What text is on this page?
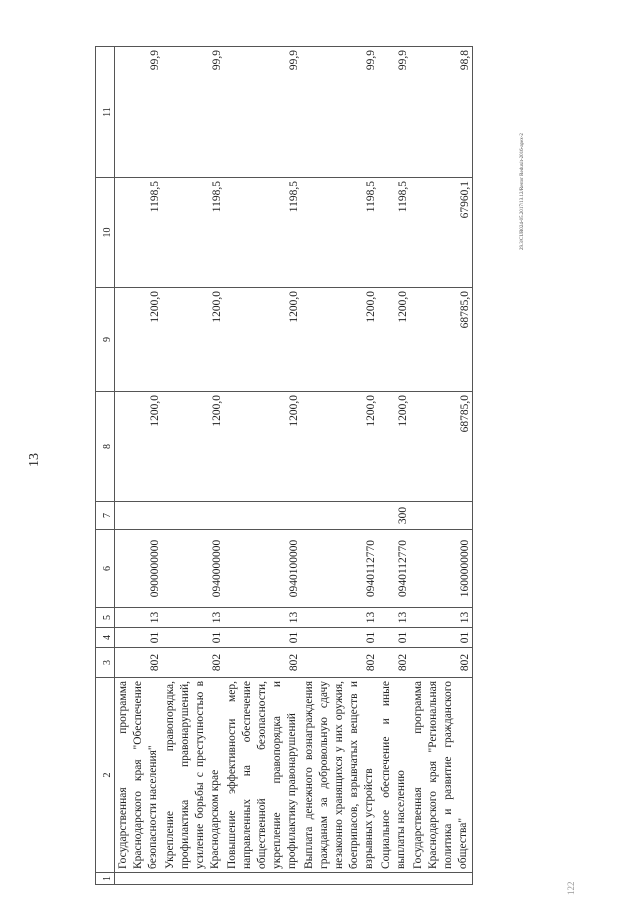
13
29.3/CUR024-05.2017/13.12/Restor Reduxit-2016-apex-2
122
1	2	3	4	5	6	7	8	9	10	11
	Государственная программа Краснодарского края "Обеспечение безопасности населения"	802	01	13	0900000000		1200,0	1200,0	1198,5	99,9
	Укрепление правопорядка, профилактика правонарушений, усиление борьбы с преступностью в Краснодарском крае	802	01	13	0940000000		1200,0	1200,0	1198,5	99,9
	Повышение эффективности мер, направленных на обеспечение общественной безопасности, укрепление правопорядка и профилактику правонарушений	802	01	13	0940100000		1200,0	1200,0	1198,5	99,9
	Выплата денежного вознаграждения гражданам за добровольную сдачу незаконно хранящихся у них оружия, боеприпасов, взрывчатых веществ и взрывных устройств	802	01	13	0940112770		1200,0	1200,0	1198,5	99,9
	Социальное обеспечение и иные выплаты населению	802	01	13	0940112770	300	1200,0	1200,0	1198,5	99,9
	Государственная программа Краснодарского края "Региональная политика и развитие гражданского общества"	802	01	13	1600000000		68785,0	68785,0	67960,1	98,8
